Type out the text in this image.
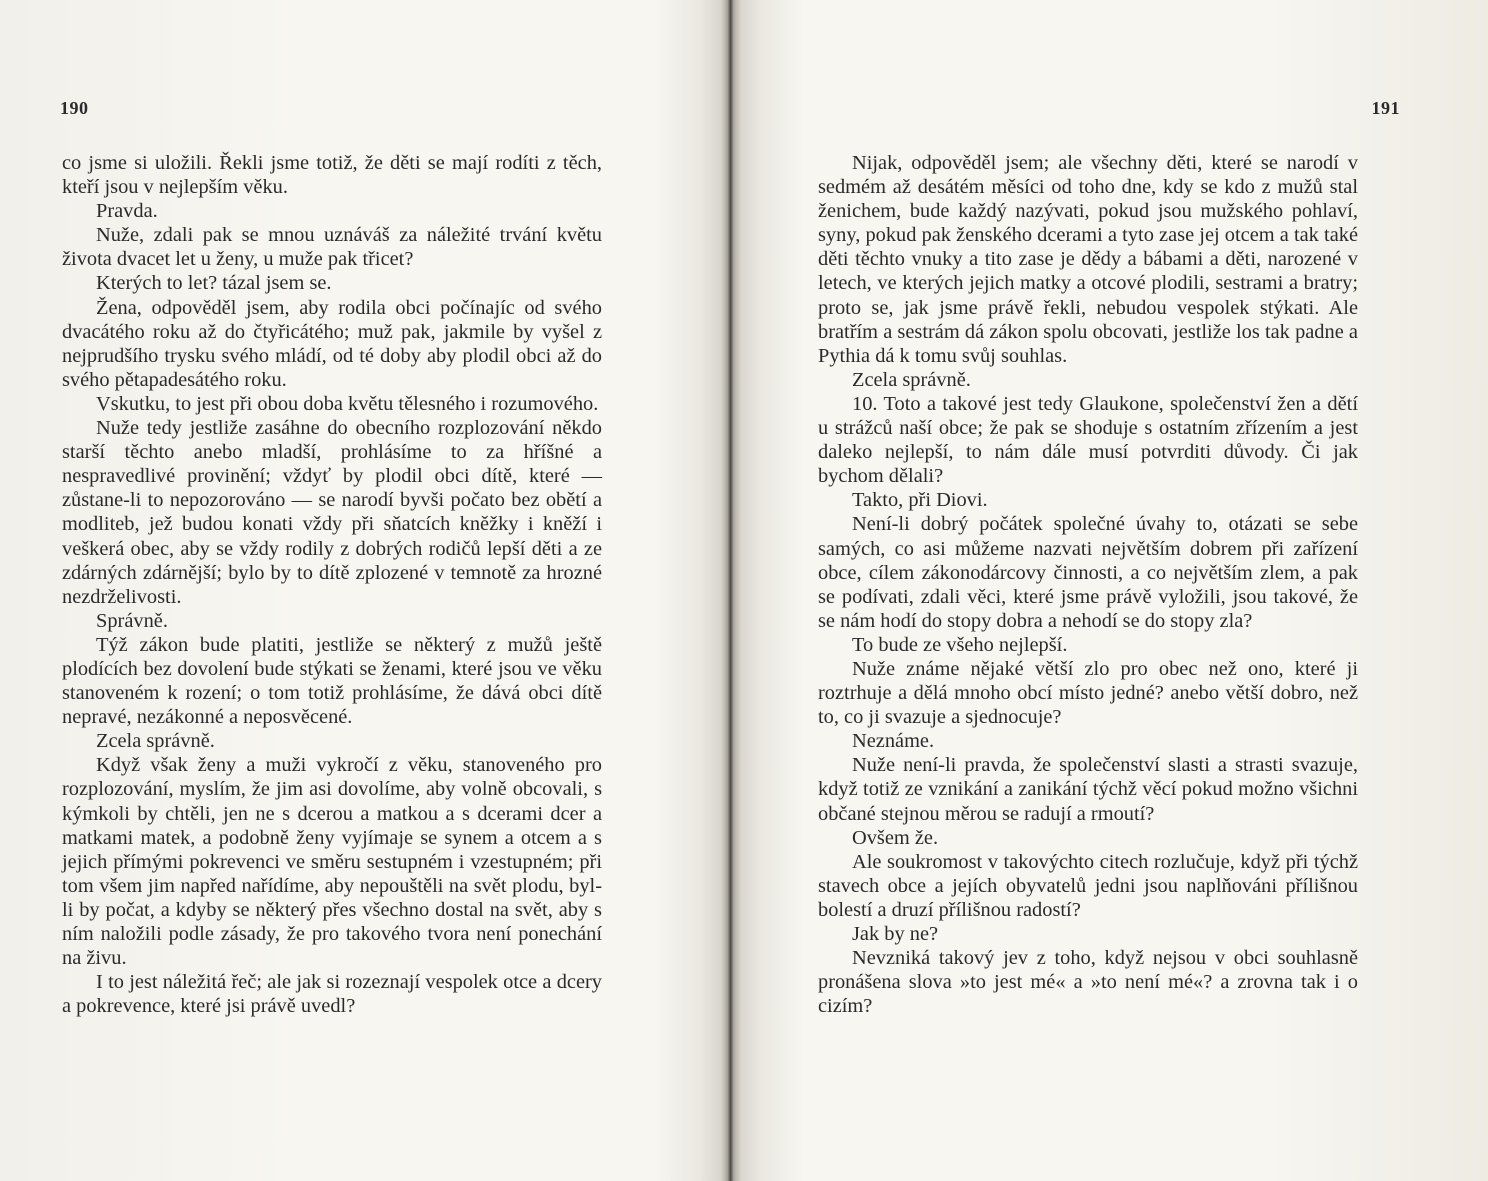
190

co jsme si uložili. Řekli jsme totiž, že děti se mají rodíti z těch, kteří jsou v nejlepším věku.

Pravda.

Nuže, zdali pak se mnou uznáváš za náležité trvání květu života dvacet let u ženy, u muže pak třicet?

Kterých to let? tázal jsem se.

Žena, odpověděl jsem, aby rodila obci počínajíc od svého dvacátého roku až do čtyřicátého; muž pak, jakmile by vyšel z nejprudšího trysku svého mládí, od té doby aby plodil obci až do svého pětapadesátého roku.

Vskutku, to jest při obou doba květu tělesného i rozumového.

Nuže tedy jestliže zasáhne do obecního rozplozování někdo starší těchto anebo mladší, prohlásíme to za hříšné a nespravedlivé provinění; vždyť by plodil obci dítě, které — zůstane-li to nepozorováno — se narodí byvši počato bez obětí a modliteb, jež budou konati vždy při sňatcích kněžky i kněží i veškerá obec, aby se vždy rodily z dobrých rodičů lepší děti a ze zdárných zdárnější; bylo by to dítě zplozené v temnotě za hrozné nezdrželivosti.

Správně.

Týž zákon bude platiti, jestliže se některý z mužů ještě plodících bez dovolení bude stýkati se ženami, které jsou ve věku stanoveném k rození; o tom totiž prohlásíme, že dává obci dítě nepravé, nezákonné a neposvěcené.

Zcela správně.

Když však ženy a muži vykročí z věku, stanoveného pro rozplozování, myslím, že jim asi dovolíme, aby volně obcovali, s kýmkoli by chtěli, jen ne s dcerou a matkou a s dcerami dcer a matkami matek, a podobně ženy vyjímaje se synem a otcem a s jejich přímými pokrevenci ve směru sestupném i vzestupném; při tom všem jim napřed nařídíme, aby nepouštěli na svět plodu, byl-li by počat, a kdyby se některý přes všechno dostal na svět, aby s ním naložili podle zásady, že pro takového tvora není ponechání na živu.

I to jest náležitá řeč; ale jak si rozeznají vespolek otce a dcery a pokrevence, které jsi právě uvedl?

191

Nijak, odpověděl jsem; ale všechny děti, které se narodí v sedmém až desátém měsíci od toho dne, kdy se kdo z mužů stal ženichem, bude každý nazývati, pokud jsou mužského pohlaví, syny, pokud pak ženského dcerami a tyto zase jej otcem a tak také děti těchto vnuky a tito zase je dědy a bábami a děti, narozené v letech, ve kterých jejich matky a otcové plodili, sestrami a bratry; proto se, jak jsme právě řekli, nebudou vespolek stýkati. Ale bratřím a sestrám dá zákon spolu obcovati, jestliže los tak padne a Pythia dá k tomu svůj souhlas.

Zcela správně.

10. Toto a takové jest tedy Glaukone, společenství žen a dětí u strážců naší obce; že pak se shoduje s ostatním zřízením a jest daleko nejlepší, to nám dále musí potvrditi důvody. Či jak bychom dělali?

Takto, při Diovi.

Není-li dobrý počátek společné úvahy to, otázati se sebe samých, co asi můžeme nazvati největším dobrem při zařízení obce, cílem zákonodárcovy činnosti, a co největším zlem, a pak se podívati, zdali věci, které jsme právě vyložili, jsou takové, že se nám hodí do stopy dobra a nehodí se do stopy zla?

To bude ze všeho nejlepší.

Nuže známe nějaké větší zlo pro obec než ono, které ji roztrhuje a dělá mnoho obcí místo jedné? anebo větší dobro, než to, co ji svazuje a sjednocuje?

Neznáme.

Nuže není-li pravda, že společenství slasti a strasti svazuje, když totiž ze vznikání a zanikání týchž věcí pokud možno všichni občané stejnou měrou se radují a rmoutí?

Ovšem že.

Ale soukromost v takovýchto citech rozlučuje, když při týchž stavech obce a jejích obyvatelů jedni jsou naplňováni přílišnou bolestí a druzí přílišnou radostí?

Jak by ne?

Nevzniká takový jev z toho, když nejsou v obci souhlasně pronášena slova »to jest mé« a »to není mé«? a zrovna tak i o cizím?
